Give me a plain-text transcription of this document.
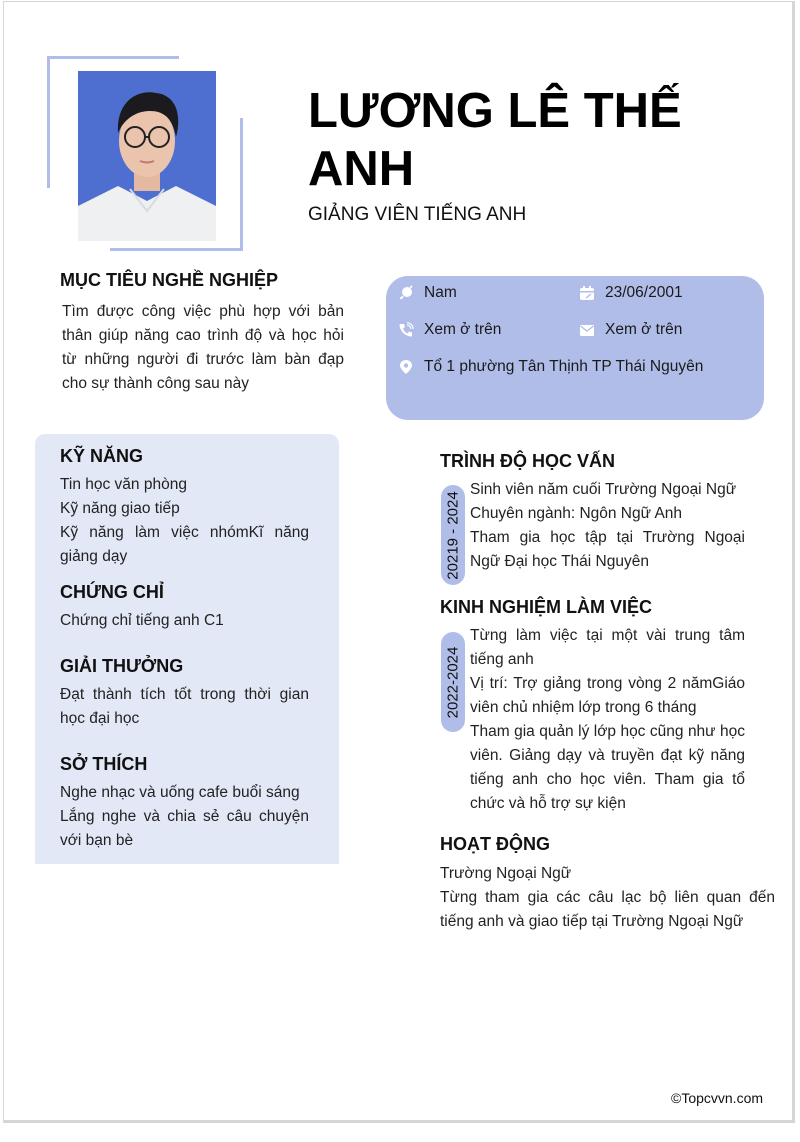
LƯƠNG LÊ THẾ ANH
GIẢNG VIÊN TIẾNG ANH
MỤC TIÊU NGHỀ NGHIỆP
Tìm được công việc phù hợp với bản thân giúp năng cao trình độ và học hỏi từ những người đi trước làm bàn đạp cho sự thành công sau này
Nam	23/06/2001
Xem ở trên	Xem ở trên
Tổ 1 phường Tân Thịnh TP Thái Nguyên
KỸ NĂNG
Tin học văn phòng
Kỹ năng giao tiếp
Kỹ năng làm việc nhómKĩ năng giảng dạy
CHỨNG CHỈ
Chứng chỉ tiếng anh C1
GIẢI THƯỞNG
Đạt thành tích tốt trong thời gian học đại học
SỞ THÍCH
Nghe nhạc và uống cafe buổi sáng
Lắng nghe và chia sẻ câu chuyện với bạn bè
TRÌNH ĐỘ HỌC VẤN
20219 - 2024
Sinh viên năm cuối Trường Ngoại Ngữ
Chuyên ngành: Ngôn Ngữ Anh
Tham gia học tập tại Trường Ngoại Ngữ Đại học Thái Nguyên
KINH NGHIỆM LÀM VIỆC
2022-2024
Từng làm việc tại một vài trung tâm tiếng anh
Vị trí: Trợ giảng trong vòng 2 nămGiáo viên chủ nhiệm lớp trong 6 tháng
Tham gia quản lý lớp học cũng như học viên. Giảng dạy và truyền đạt kỹ năng tiếng anh cho học viên. Tham gia tổ chức và hỗ trợ sự kiện
HOẠT ĐỘNG
Trường Ngoại Ngữ
Từng tham gia các câu lạc bộ liên quan đến tiếng anh và giao tiếp tại Trường Ngoại Ngữ
©Topcvvn.com
